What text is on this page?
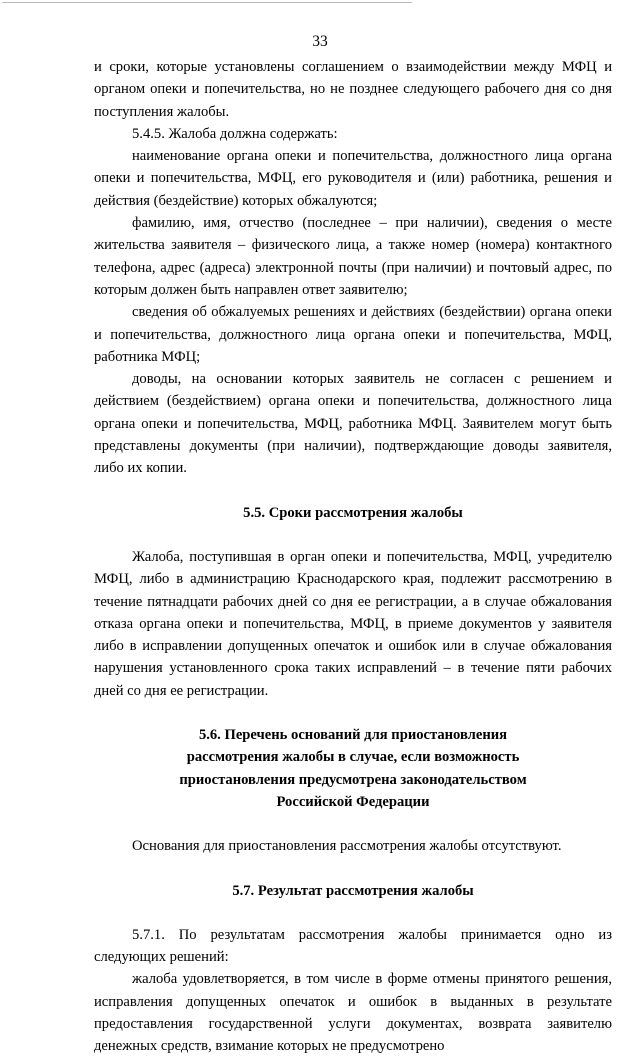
33

и сроки, которые установлены соглашением о взаимодействии между МФЦ и органом опеки и попечительства, но не позднее следующего рабочего дня со дня поступления жалобы.

5.4.5. Жалоба должна содержать:

наименование органа опеки и попечительства, должностного лица органа опеки и попечительства, МФЦ, его руководителя и (или) работника, решения и действия (бездействие) которых обжалуются;

фамилию, имя, отчество (последнее – при наличии), сведения о месте жительства заявителя – физического лица, а также номер (номера) контактного телефона, адрес (адреса) электронной почты (при наличии) и почтовый адрес, по которым должен быть направлен ответ заявителю;

сведения об обжалуемых решениях и действиях (бездействии) органа опеки и попечительства, должностного лица органа опеки и попечительства, МФЦ, работника МФЦ;

доводы, на основании которых заявитель не согласен с решением и действием (бездействием) органа опеки и попечительства, должностного лица органа опеки и попечительства, МФЦ, работника МФЦ. Заявителем могут быть представлены документы (при наличии), подтверждающие доводы заявителя, либо их копии.

5.5. Сроки рассмотрения жалобы

Жалоба, поступившая в орган опеки и попечительства, МФЦ, учредителю МФЦ, либо в администрацию Краснодарского края, подлежит рассмотрению в течение пятнадцати рабочих дней со дня ее регистрации, а в случае обжалования отказа органа опеки и попечительства, МФЦ, в приеме документов у заявителя либо в исправлении допущенных опечаток и ошибок или в случае обжалования нарушения установленного срока таких исправлений – в течение пяти рабочих дней со дня ее регистрации.

5.6. Перечень оснований для приостановления
рассмотрения жалобы в случае, если возможность
приостановления предусмотрена законодательством
Российской Федерации

Основания для приостановления рассмотрения жалобы отсутствуют.

5.7. Результат рассмотрения жалобы

5.7.1. По результатам рассмотрения жалобы принимается одно из следующих решений:

жалоба удовлетворяется, в том числе в форме отмены принятого решения, исправления допущенных опечаток и ошибок в выданных в результате предоставления государственной услуги документах, возврата заявителю денежных средств, взимание которых не предусмотрено
